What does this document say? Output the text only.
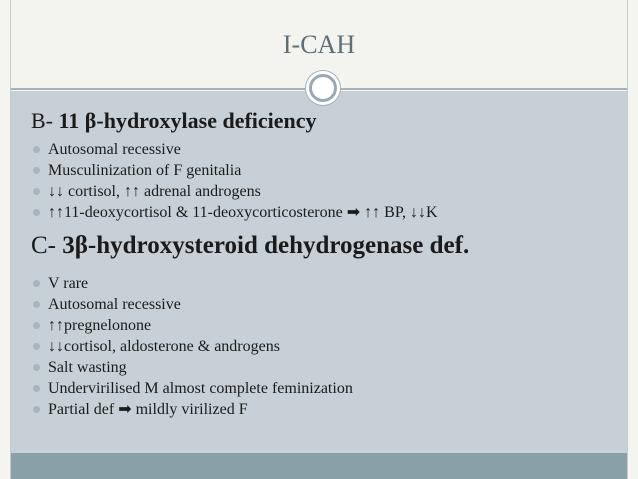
I-CAH
B- 11 β-hydroxylase deficiency
Autosomal recessive
Musculinization of F genitalia
↓↓ cortisol, ↑↑ adrenal androgens
↑↑11-deoxycortisol & 11-deoxycorticosterone ➡ ↑↑ BP, ↓↓K
C- 3β-hydroxysteroid dehydrogenase def.
V rare
Autosomal recessive
↑↑pregnelonone
↓↓cortisol, aldosterone & androgens
Salt wasting
Undervirilised M almost complete feminization
Partial def ➡ mildly virilized F
